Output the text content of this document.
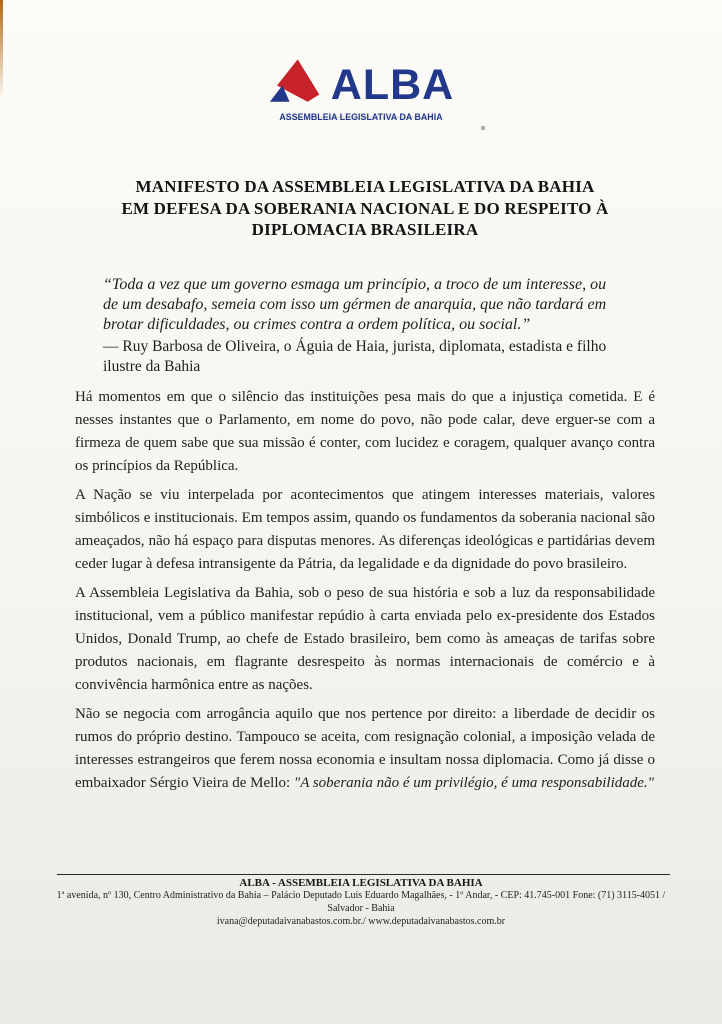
ALBA
ASSEMBLEIA LEGISLATIVA DA BAHIA
MANIFESTO DA ASSEMBLEIA LEGISLATIVA DA BAHIA
EM DEFESA DA SOBERANIA NACIONAL E DO RESPEITO À
DIPLOMACIA BRASILEIRA

“Toda a vez que um governo esmaga um princípio, a troco de um interesse, ou de um desabafo, semeia com isso um gérmen de anarquia, que não tardará em brotar dificuldades, ou crimes contra a ordem política, ou social.”

— Ruy Barbosa de Oliveira, o Águia de Haia, jurista, diplomata, estadista e filho ilustre da Bahia

Há momentos em que o silêncio das instituições pesa mais do que a injustiça cometida. E é nesses instantes que o Parlamento, em nome do povo, não pode calar, deve erguer-se com a firmeza de quem sabe que sua missão é conter, com lucidez e coragem, qualquer avanço contra os princípios da República.

A Nação se viu interpelada por acontecimentos que atingem interesses materiais, valores simbólicos e institucionais. Em tempos assim, quando os fundamentos da soberania nacional são ameaçados, não há espaço para disputas menores. As diferenças ideológicas e partidárias devem ceder lugar à defesa intransigente da Pátria, da legalidade e da dignidade do povo brasileiro.

A Assembleia Legislativa da Bahia, sob o peso de sua história e sob a luz da responsabilidade institucional, vem a público manifestar repúdio à carta enviada pelo ex-presidente dos Estados Unidos, Donald Trump, ao chefe de Estado brasileiro, bem como às ameaças de tarifas sobre produtos nacionais, em flagrante desrespeito às normas internacionais de comércio e à convivência harmônica entre as nações.

Não se negocia com arrogância aquilo que nos pertence por direito: a liberdade de decidir os rumos do próprio destino. Tampouco se aceita, com resignação colonial, a imposição velada de interesses estrangeiros que ferem nossa economia e insultam nossa diplomacia. Como já disse o embaixador Sérgio Vieira de Mello: "A soberania não é um privilégio, é uma responsabilidade."

ALBA - ASSEMBLEIA LEGISLATIVA DA BAHIA
1ª avenida, nº 130, Centro Administrativo da Bahia – Palácio Deputado Luis Eduardo Magalhães, - 1º Andar, - CEP: 41.745-001 Fone: (71) 3115-4051 / Salvador - Bahia
ivana@deputadaivanabastos.com.br./ www.deputadaivanabastos.com.br
